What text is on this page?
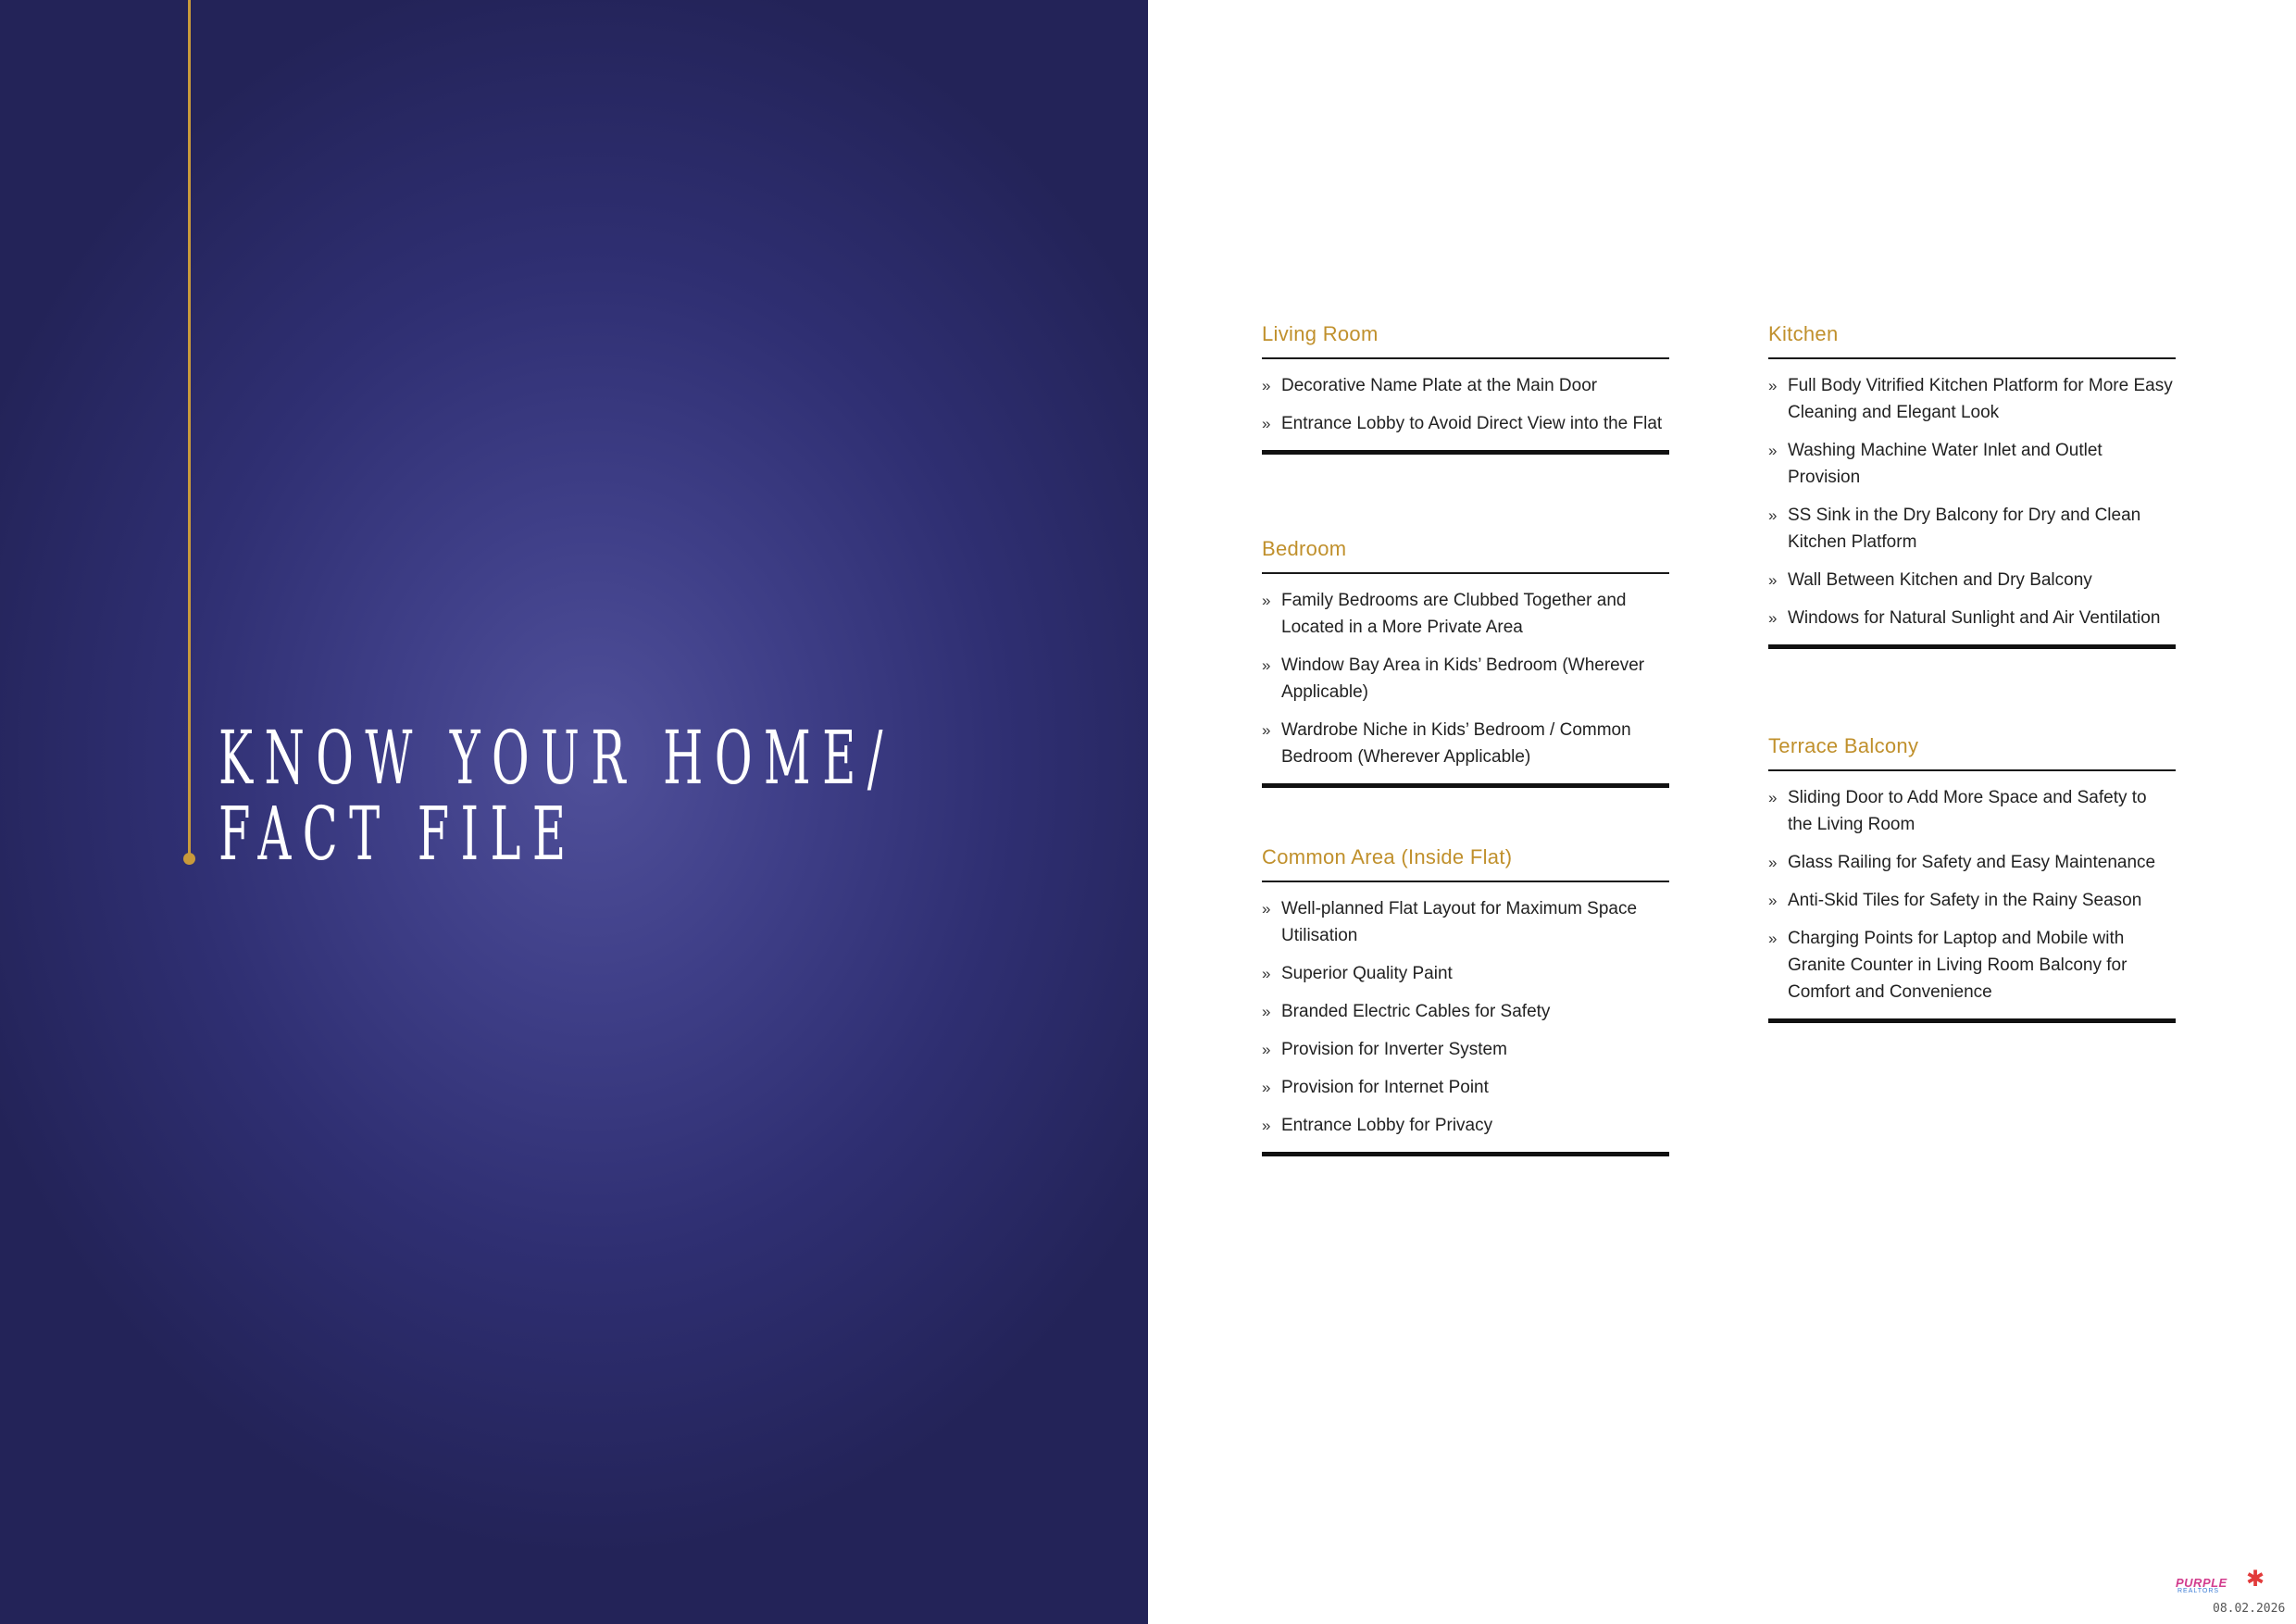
KNOW YOUR HOME/
FACT FILE
Living Room
» Decorative Name Plate at the Main Door
» Entrance Lobby to Avoid Direct View into the Flat
Bedroom
» Family Bedrooms are Clubbed Together and Located in a More Private Area
» Window Bay Area in Kids’ Bedroom (Wherever Applicable)
» Wardrobe Niche in Kids’ Bedroom / Common Bedroom (Wherever Applicable)
Common Area (Inside Flat)
» Well-planned Flat Layout for Maximum Space Utilisation
» Superior Quality Paint
» Branded Electric Cables for Safety
» Provision for Inverter System
» Provision for Internet Point
» Entrance Lobby for Privacy
Kitchen
» Full Body Vitrified Kitchen Platform for More Easy Cleaning and Elegant Look
» Washing Machine Water Inlet and Outlet Provision
» SS Sink in the Dry Balcony for Dry and Clean Kitchen Platform
» Wall Between Kitchen and Dry Balcony
» Windows for Natural Sunlight and Air Ventilation
Terrace Balcony
» Sliding Door to Add More Space and Safety to the Living Room
» Glass Railing for Safety and Easy Maintenance
» Anti-Skid Tiles for Safety in the Rainy Season
» Charging Points for Laptop and Mobile with Granite Counter in Living Room Balcony for Comfort and Convenience
PURPLE
REALTORS ✱
08.02.2026
